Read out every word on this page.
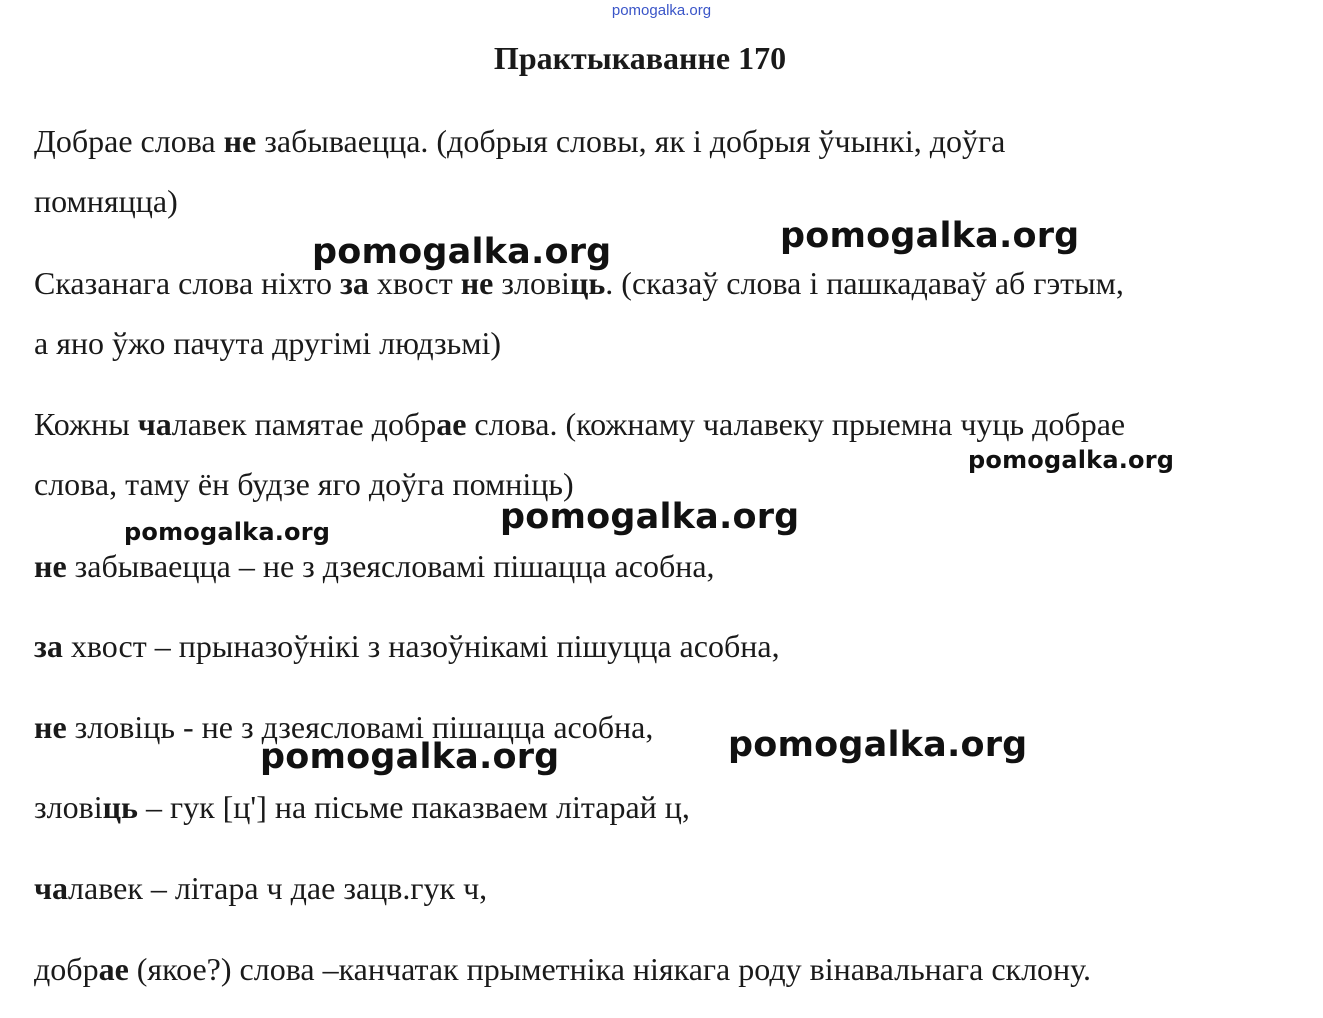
pomogalka.org
Практыкаванне 170
Добрае слова не забываецца. (добрыя словы, як і добрыя ўчынкі, доўга
помняцца)
Сказанага слова ніхто за хвост не зловіць. (сказаў слова і пашкадаваў аб гэтым,
а яно ўжо пачута другімі людзьмі)
Кожны чалавек памятае добрае слова. (кожнаму чалавеку прыемна чуць добрае
слова, таму ён будзе яго доўга помніць)
не забываецца – не з дзеясловамі пішацца асобна,
за хвост – прыназоўнікі з назоўнікамі пішуцца асобна,
не зловіць - не з дзеясловамі пішацца асобна,
зловіць – гук [ц'] на пісьме паказваем літарай ц,
чалавек – літара ч дае зацв.гук ч,
добрае (якое?) слова –канчатак прыметніка ніякага роду вінавальнага склону.
pomogalka.org	pomogalka.org
pomogalka.org
pomogalka.org
pomogalka.org
pomogalka.org	pomogalka.org
